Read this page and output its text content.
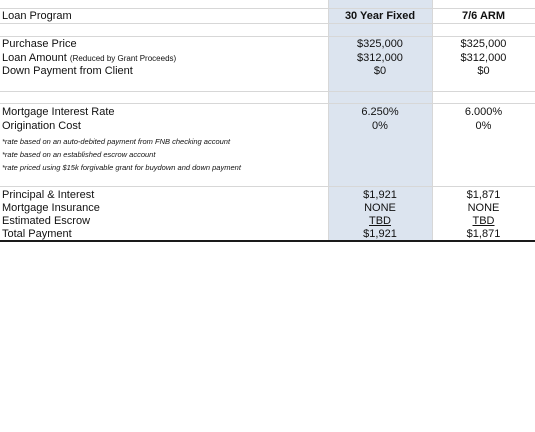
Loan Program	30 Year Fixed	7/6 ARM
Purchase Price	$325,000	$325,000
Loan Amount (Reduced by Grant Proceeds)	$312,000	$312,000
Down Payment from Client	$0	$0
Mortgage Interest Rate	6.250%	6.000%
Origination Cost	0%	0%
*rate based on an auto-debited payment from FNB checking account
*rate based on an established escrow account
*rate priced using $15k forgivable grant for buydown and down payment
Principal & Interest	$1,921	$1,871
Mortgage Insurance	NONE	NONE
Estimated Escrow	TBD	TBD
Total Payment	$1,921	$1,871
